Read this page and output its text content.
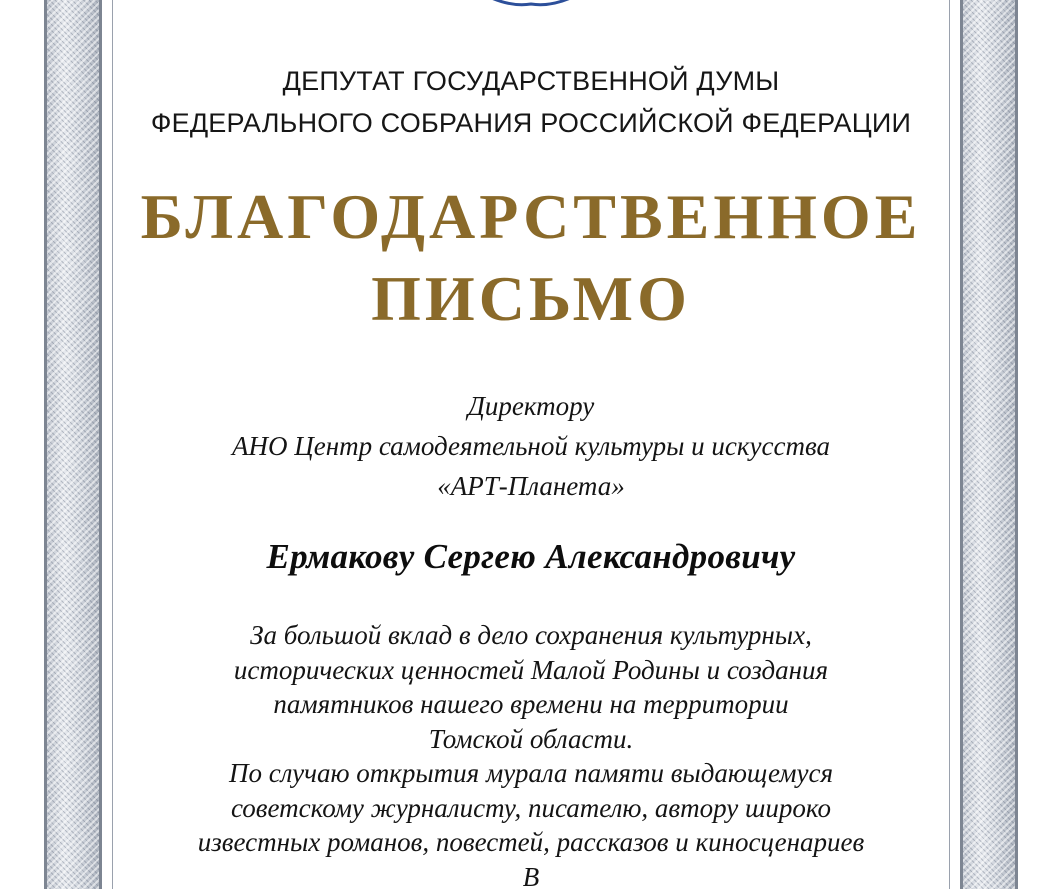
ДЕПУТАТ ГОСУДАРСТВЕННОЙ ДУМЫ
ФЕДЕРАЛЬНОГО СОБРАНИЯ РОССИЙСКОЙ ФЕДЕРАЦИИ
БЛАГОДАРСТВЕННОЕ
ПИСЬМО
Директору
АНО Центр самодеятельной культуры и искусства
«АРТ-Планета»
Ермакову Сергею Александровичу
За большой вклад в дело сохранения культурных,
исторических ценностей Малой Родины и создания
памятников нашего времени на территории
Томской области.
По случаю открытия мурала памяти выдающемуся
советскому журналисту, писателю, автору широко
известных романов, повестей, рассказов и киносценариев
В
